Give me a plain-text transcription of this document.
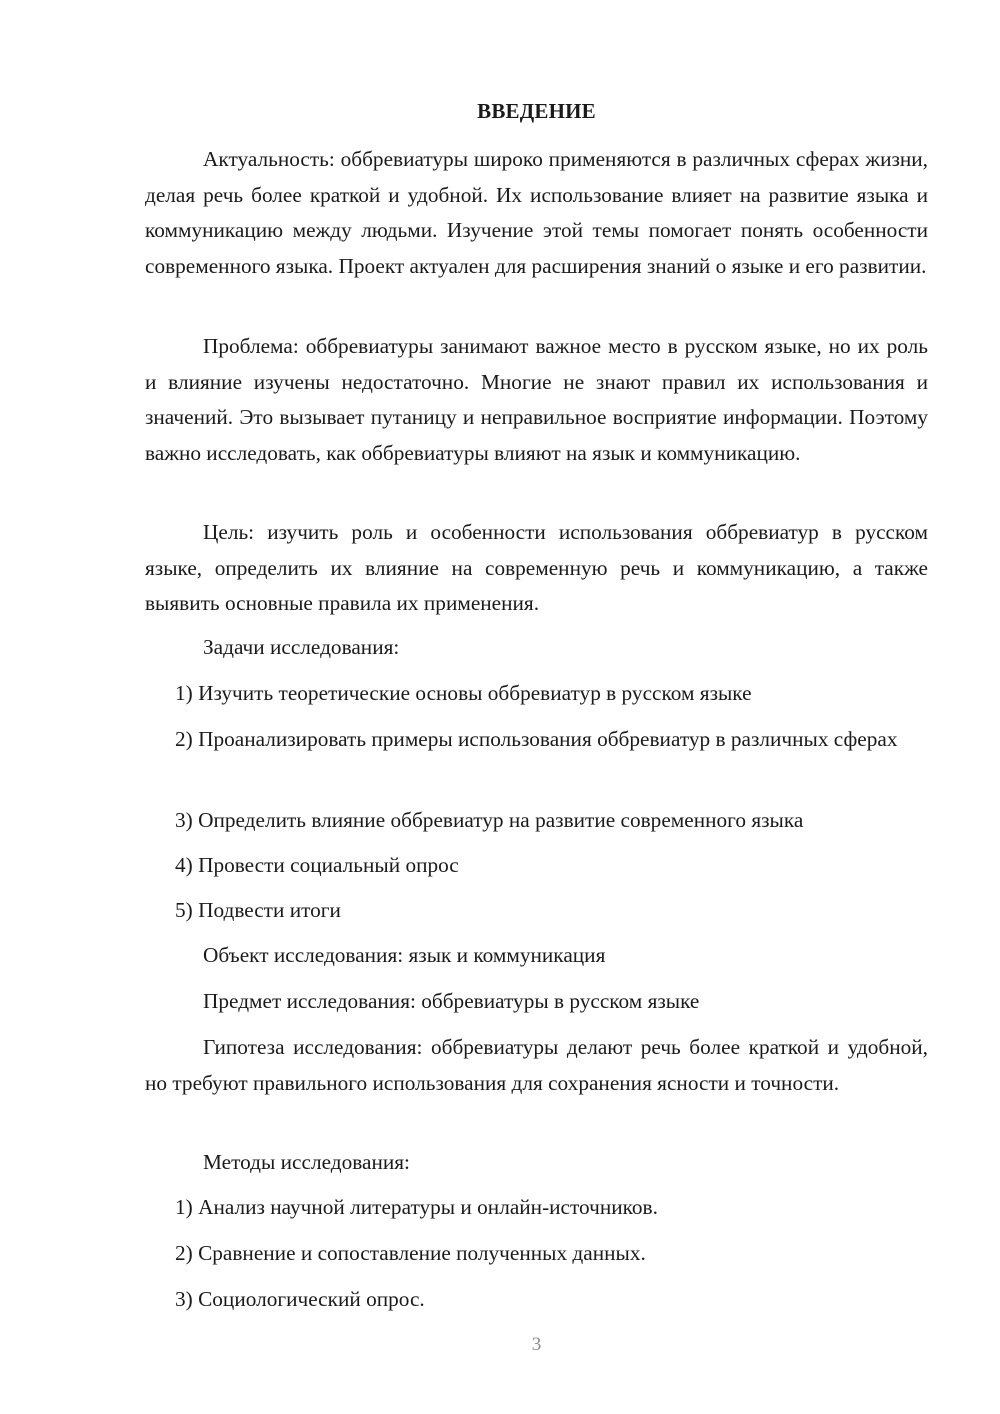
ВВЕДЕНИЕ

Актуальность: оббревиатуры широко применяются в различных сферах жизни, делая речь более краткой и удобной. Их использование влияет на развитие языка и коммуникацию между людьми. Изучение этой темы помогает понять особенности современного языка. Проект актуален для расширения знаний о языке и его развитии.

Проблема: оббревиатуры занимают важное место в русском языке, но их роль и влияние изучены недостаточно. Многие не знают правил их использования и значений. Это вызывает путаницу и неправильное восприятие информации. Поэтому важно исследовать, как оббревиатуры влияют на язык и коммуникацию.

Цель: изучить роль и особенности использования оббревиатур в русском языке, определить их влияние на современную речь и коммуникацию, а также выявить основные правила их применения.

Задачи исследования:

1) Изучить теоретические основы оббревиатур в русском языке

2) Проанализировать примеры использования оббревиатур в различных сферах

3) Определить влияние оббревиатур на развитие современного языка

4) Провести социальный опрос

5) Подвести итоги

Объект исследования: язык и коммуникация

Предмет исследования: оббревиатуры в русском языке

Гипотеза исследования: оббревиатуры делают речь более краткой и удобной, но требуют правильного использования для сохранения ясности и точности.

Методы исследования:

1) Анализ научной литературы и онлайн-источников.

2) Сравнение и сопоставление полученных данных.

3) Социологический опрос.

3
